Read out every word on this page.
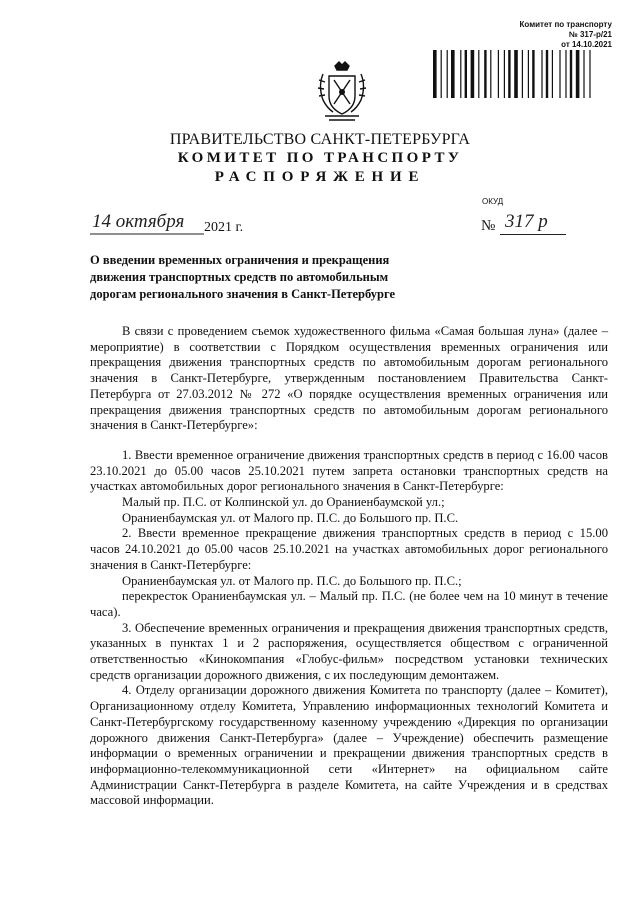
Комитет по транспорту
№ 317-р/21
от 14.10.2021
ПРАВИТЕЛЬСТВО САНКТ-ПЕТЕРБУРГА
КОМИТЕТ ПО ТРАНСПОРТУ
РАСПОРЯЖЕНИЕ
ОКУД
14 октября 2021 г.	№ 317 р
О введении временных ограничения и прекращения движения транспортных средств по автомобильным дорогам регионального значения в Санкт-Петербурге

В связи с проведением съемок художественного фильма «Самая большая луна» (далее – мероприятие) в соответствии с Порядком осуществления временных ограничения или прекращения движения транспортных средств по автомобильным дорогам регионального значения в Санкт-Петербурге, утвержденным постановлением Правительства Санкт-Петербурга от 27.03.2012 № 272 «О порядке осуществления временных ограничения или прекращения движения транспортных средств по автомобильным дорогам регионального значения в Санкт-Петербурге»:

1. Ввести временное ограничение движения транспортных средств в период с 16.00 часов 23.10.2021 до 05.00 часов 25.10.2021 путем запрета остановки транспортных средств на участках автомобильных дорог регионального значения в Санкт-Петербурге:

Малый пр. П.С. от Колпинской ул. до Ораниенбаумской ул.;

Ораниенбаумская ул. от Малого пр. П.С. до Большого пр. П.С.

2. Ввести временное прекращение движения транспортных средств в период с 15.00 часов 24.10.2021 до 05.00 часов 25.10.2021 на участках автомобильных дорог регионального значения в Санкт-Петербурге:

Ораниенбаумская ул. от Малого пр. П.С. до Большого пр. П.С.;

перекресток Ораниенбаумская ул. – Малый пр. П.С. (не более чем на 10 минут в течение часа).

3. Обеспечение временных ограничения и прекращения движения транспортных средств, указанных в пунктах 1 и 2 распоряжения, осуществляется обществом с ограниченной ответственностью «Кинокомпания «Глобус-фильм» посредством установки технических средств организации дорожного движения, с их последующим демонтажем.

4. Отделу организации дорожного движения Комитета по транспорту (далее – Комитет), Организационному отделу Комитета, Управлению информационных технологий Комитета и Санкт-Петербургскому государственному казенному учреждению «Дирекция по организации дорожного движения Санкт-Петербурга» (далее – Учреждение) обеспечить размещение информации о временных ограничении и прекращении движения транспортных средств в информационно-телекоммуникационной сети «Интернет» на официальном сайте Администрации Санкт-Петербурга в разделе Комитета, на сайте Учреждения и в средствах массовой информации.
